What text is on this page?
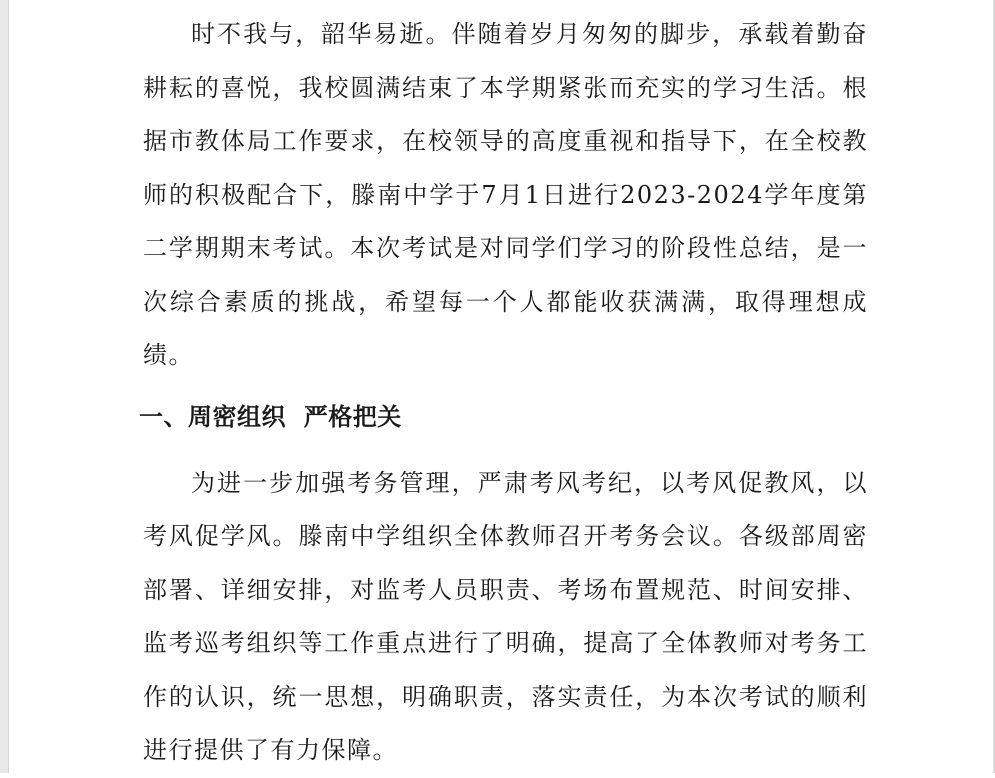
时不我与，韶华易逝。伴随着岁月匆匆的脚步，承载着勤奋耕耘的喜悦，我校圆满结束了本学期紧张而充实的学习生活。根据市教体局工作要求，在校领导的高度重视和指导下，在全校教师的积极配合下，滕南中学于7月1日进行2023-2024学年度第二学期期末考试。本次考试是对同学们学习的阶段性总结，是一次综合素质的挑战，希望每一个人都能收获满满，取得理想成绩。

一、周密组织  严格把关

为进一步加强考务管理，严肃考风考纪，以考风促教风，以考风促学风。滕南中学组织全体教师召开考务会议。各级部周密部署、详细安排，对监考人员职责、考场布置规范、时间安排、监考巡考组织等工作重点进行了明确，提高了全体教师对考务工作的认识，统一思想，明确职责，落实责任，为本次考试的顺利进行提供了有力保障。
